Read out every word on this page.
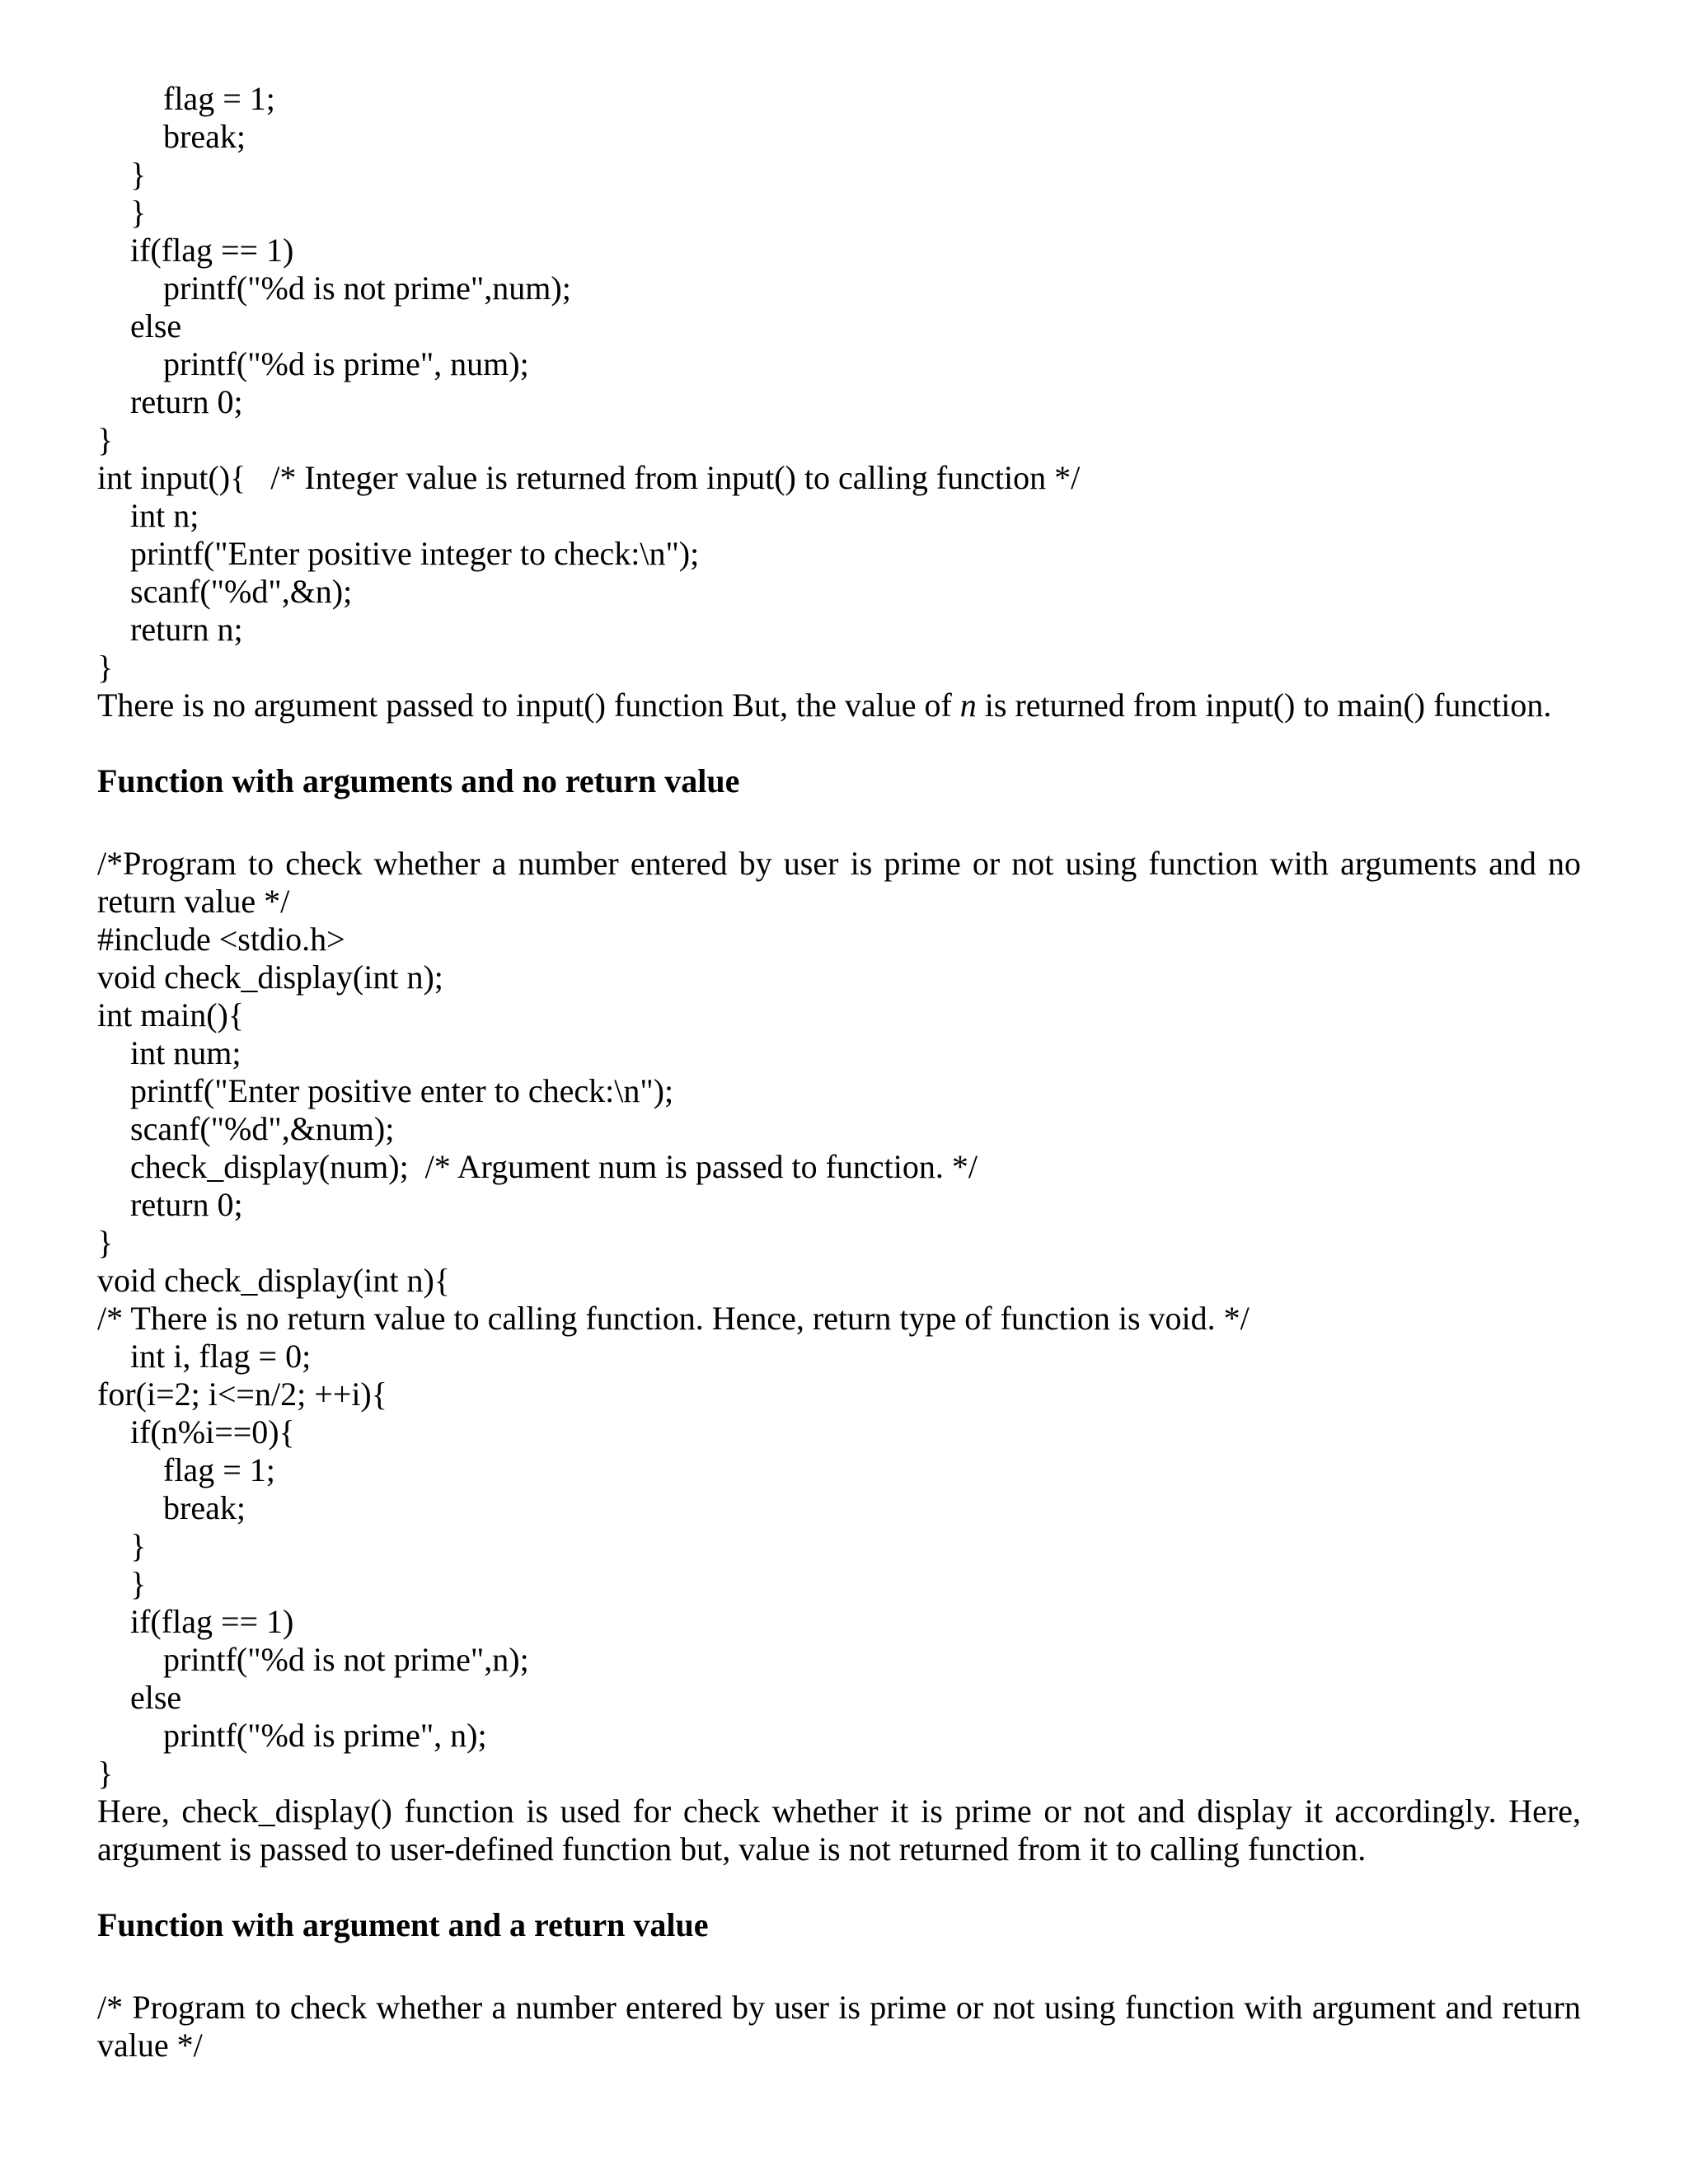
flag = 1;

break;

}

}

if(flag == 1)

printf("%d is not prime",num);

else

printf("%d is prime", num);

return 0;

}

int input(){   /* Integer value is returned from input() to calling function */

int n;

printf("Enter positive integer to check:\n");

scanf("%d",&n);

return n;

}

There is no argument passed to input() function But, the value of n is returned from input() to main() function.

Function with arguments and no return value

/*Program to check whether a number entered by user is prime or not using function with arguments and no return value */

#include <stdio.h>

void check_display(int n);

int main(){

int num;

printf("Enter positive enter to check:\n");

scanf("%d",&num);

check_display(num);  /* Argument num is passed to function. */

return 0;

}

void check_display(int n){

/* There is no return value to calling function. Hence, return type of function is void. */

int i, flag = 0;

for(i=2; i<=n/2; ++i){

if(n%i==0){

flag = 1;

break;

}

}

if(flag == 1)

printf("%d is not prime",n);

else

printf("%d is prime", n);

}

Here, check_display() function is used for check whether it is prime or not and display it accordingly. Here, argument is passed to user-defined function but, value is not returned from it to calling function.

Function with argument and a return value

/* Program to check whether a number entered by user is prime or not using function with argument and return value */
